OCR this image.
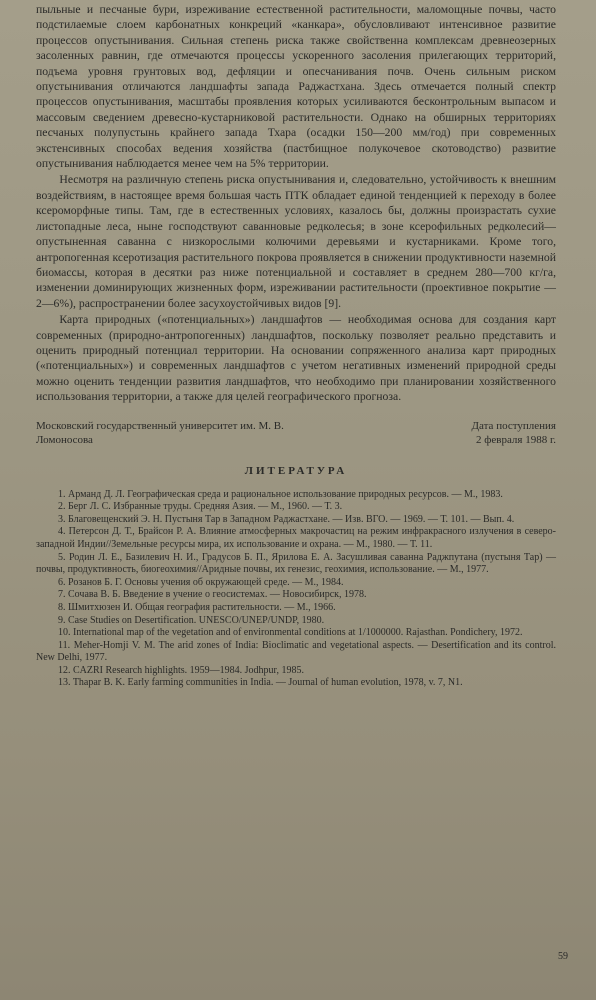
пыльные и песчаные бури, изреживание естественной растительности, маломощные почвы, часто подстилаемые слоем карбонатных конкреций «канкара», обусловливают интенсивное развитие процессов опустынивания. Сильная степень риска также свойственна комплексам древнеозерных засоленных равнин, где отмечаются процессы ускоренного засоления прилегающих территорий, подъема уровня грунтовых вод, дефляции и опесчанивания почв. Очень сильным риском опустынивания отличаются ландшафты запада Раджастхана. Здесь отмечается полный спектр процессов опустынивания, масштабы проявления которых усиливаются бесконтрольным выпасом и массовым сведением древесно-кустарниковой растительности. Однако на обширных территориях песчаных полупустынь крайнего запада Тхара (осадки 150—200 мм/год) при современных экстенсивных способах ведения хозяйства (пастбищное полукочевое скотоводство) развитие опустынивания наблюдается менее чем на 5% территории.

Несмотря на различную степень риска опустынивания и, следовательно, устойчивость к внешним воздействиям, в настоящее время большая часть ПТК обладает единой тенденцией к переходу в более ксероморфные типы. Там, где в естественных условиях, казалось бы, должны произрастать сухие листопадные леса, ныне господствуют саванновые редколесья; в зоне ксерофильных редколесий—опустыненная саванна с низкорослыми колючими деревьями и кустарниками. Кроме того, антропогенная ксеротизация растительного покрова проявляется в снижении продуктивности наземной биомассы, которая в десятки раз ниже потенциальной и составляет в среднем 280—700 кг/га, изменении доминирующих жизненных форм, изреживании растительности (проективное покрытие — 2—6%), распространении более засухоустойчивых видов [9].

Карта природных («потенциальных») ландшафтов — необходимая основа для создания карт современных (природно-антропогенных) ландшафтов, поскольку позволяет реально представить и оценить природный потенциал территории. На основании сопряженного анализа карт природных («потенциальных») и современных ландшафтов с учетом негативных изменений природной среды можно оценить тенденции развития ландшафтов, что необходимо при планировании хозяйственного использования территории, а также для целей географического прогноза.

Московский государственный университет им. М. В. Ломоносова
Дата поступления
2 февраля 1988 г.
ЛИТЕРАТУРА

1. Арманд Д. Л. Географическая среда и рациональное использование природных ресурсов. — М., 1983.

2. Берг Л. С. Избранные труды. Средняя Азия. — М., 1960. — Т. 3.

3. Благовещенский Э. Н. Пустыня Тар в Западном Раджастхане. — Изв. ВГО. — 1969. — Т. 101. — Вып. 4.

4. Петерсон Д. Т., Брайсон Р. А. Влияние атмосферных макрочастиц на режим инфракрасного излучения в северо-западной Индии//Земельные ресурсы мира, их использование и охрана. — М., 1980. — Т. 11.

5. Родин Л. Е., Базилевич Н. И., Градусов Б. П., Ярилова Е. А. Засушливая саванна Раджпутана (пустыня Тар) — почвы, продуктивность, биогеохимия//Аридные почвы, их генезис, геохимия, использование. — М., 1977.

6. Розанов Б. Г. Основы учения об окружающей среде. — М., 1984.

7. Сочава В. Б. Введение в учение о геосистемах. — Новосибирск, 1978.

8. Шмитхюзен И. Общая география растительности. — М., 1966.

9. Case Studies on Desertification. UNESCO/UNEP/UNDP, 1980.

10. International map of the vegetation and of environmental conditions at 1/1000000. Rajasthan. Pondichery, 1972.

11. Meher-Homji V. M. The arid zones of India: Bioclimatic and vegetational aspects. — Desertification and its control. New Delhi, 1977.

12. CAZRI Research highlights. 1959—1984. Jodhpur, 1985.

13. Thapar B. K. Early farming communities in India. — Journal of human evolution, 1978, v. 7, N1.

59
